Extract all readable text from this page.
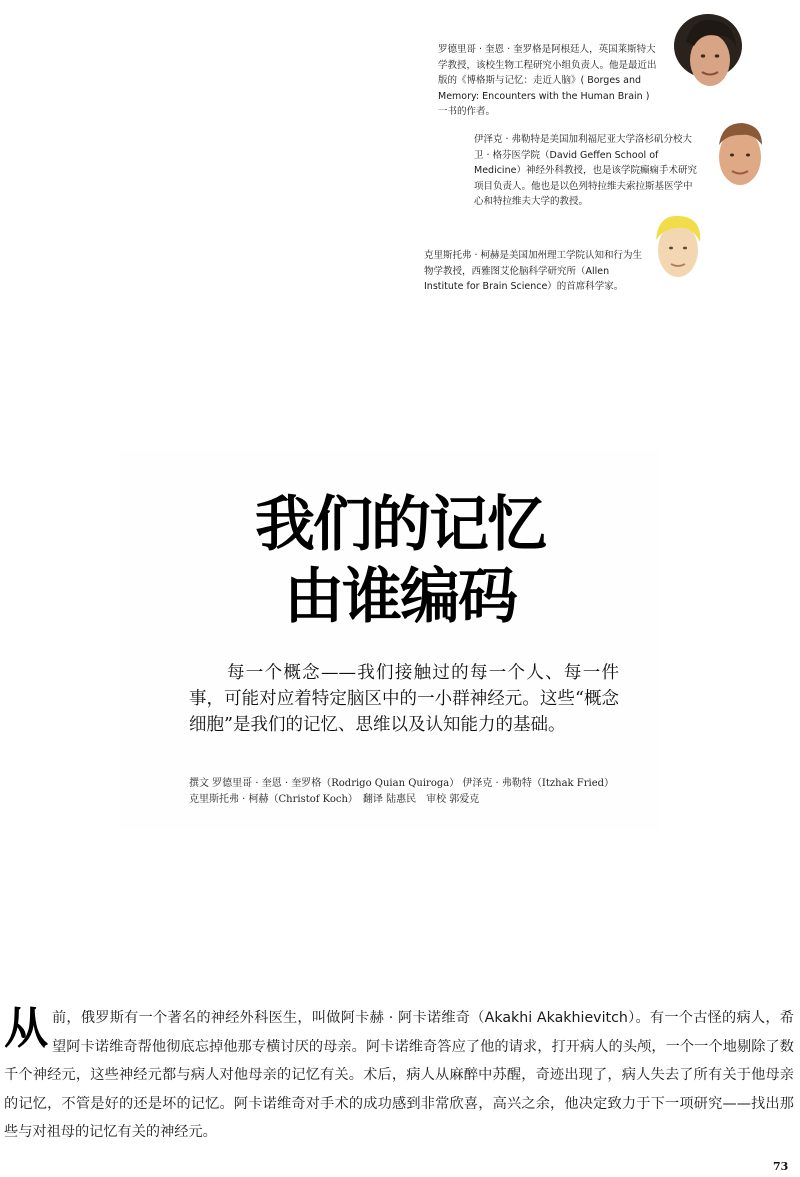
罗德里哥 · 奎恩 · 奎罗格是阿根廷人，英国莱斯特大学教授，该校生物工程研究小组负责人。他是最近出版的《博格斯与记忆：走近人脑》( Borges and Memory: Encounters with the Human Brain ) 一书的作者。
伊泽克 · 弗勒特是美国加利福尼亚大学洛杉矶分校大卫 · 格芬医学院（David Geffen School of Medicine）神经外科教授，也是该学院癫痫手术研究项目负责人。他也是以色列特拉维夫索拉斯基医学中心和特拉维夫大学的教授。
克里斯托弗 · 柯赫是美国加州理工学院认知和行为生物学教授，西雅图艾伦脑科学研究所（Allen Institute for Brain Science）的首席科学家。
我们的记忆
由谁编码
每一个概念——我们接触过的每一个人、每一件事，可能对应着特定脑区中的一小群神经元。这些“概念细胞”是我们的记忆、思维以及认知能力的基础。
撰文 罗德里哥 · 奎恩 · 奎罗格（Rodrigo Quian Quiroga） 伊泽克 · 弗勒特（Itzhak Fried） 克里斯托弗 · 柯赫（Christof Koch）　翻译 陆惠民　审校 郭爱克
从前，俄罗斯有一个著名的神经外科医生，叫做阿卡赫 · 阿卡诺维奇（Akakhi Akakhievitch）。有一个古怪的病人，希望阿卡诺维奇帮他彻底忘掉他那专横讨厌的母亲。阿卡诺维奇答应了他的请求，打开病人的头颅，一个一个地剔除了数千个神经元，这些神经元都与病人对他母亲的记忆有关。术后，病人从麻醉中苏醒，奇迹出现了，病人失去了所有关于他母亲的记忆，不管是好的还是坏的记忆。阿卡诺维奇对手术的成功感到非常欣喜，高兴之余，他决定致力于下一项研究——找出那些与对祖母的记忆有关的神经元。
73
